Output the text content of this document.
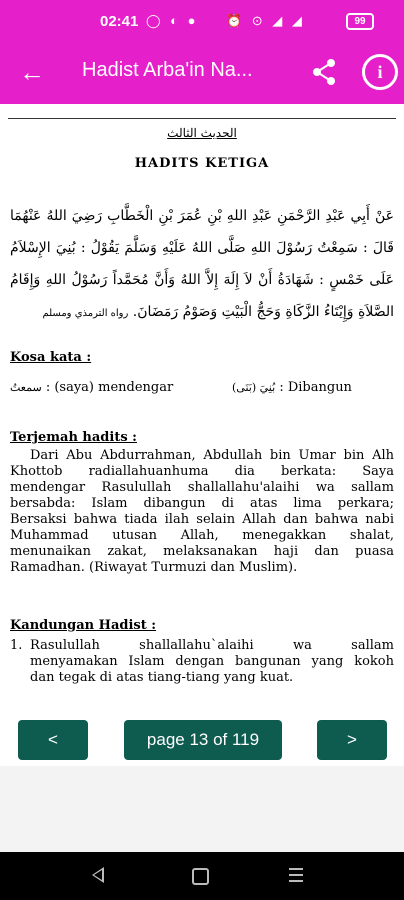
02:41 ◯ ◐ ● ⏰ ⊙ ◢ ◢	99
←	Hadist Arba'in Na...	i
الحديث الثالث
HADITS KETIGA
عَنْ أَبِي عَبْدِ الرَّحْمَنِ عَبْدِ اللهِ بْنِ عُمَرَ بْنِ الْخَطَّابِ رَضِيَ اللهُ عَنْهُمَا قَالَ : سَمِعْتُ رَسُوْلَ اللهِ صَلَّى اللهُ عَلَيْهِ وَسَلَّمَ يَقُوْلُ : بُنِيَ الإِسْلاَمُ عَلَى خَمْسٍ : شَهَادَةُ أَنْ لاَ إِلَهَ إِلاَّ اللهُ وَأَنَّ مُحَمَّداً رَسُوْلُ اللهِ وَإِقَامُ الصَّلاَةِ وَإِيْتَاءُ الزَّكَاةِ وَحَجُّ الْبَيْتِ وَصَوْمُ رَمَضَانَ. رواه الترمذي ومسلم
Kosa kata :
سمعتُ : (saya) mendengar	بُنِيَ (بَنَى) : Dibangun
Terjemah hadits :
Dari Abu Abdurrahman, Abdullah bin Umar bin Alh
Khottob radiallahuanhuma dia berkata: Saya
mendengar Rasulullah shallallahu'alaihi wa sallam
bersabda: Islam dibangun di atas lima perkara;
Bersaksi bahwa tiada ilah selain Allah dan bahwa nabi
Muhammad utusan Allah, menegakkan shalat,
menunaikan zakat, melaksanakan haji dan puasa
Ramadhan. (Riwayat Turmuzi dan Muslim).
Kandungan Hadist :
1. Rasulullah shallallahu`alaihi wa sallam
menyamakan Islam dengan bangunan yang kokoh
dan tegak di atas tiang-tiang yang kuat.
<	page 13 of 119	>
